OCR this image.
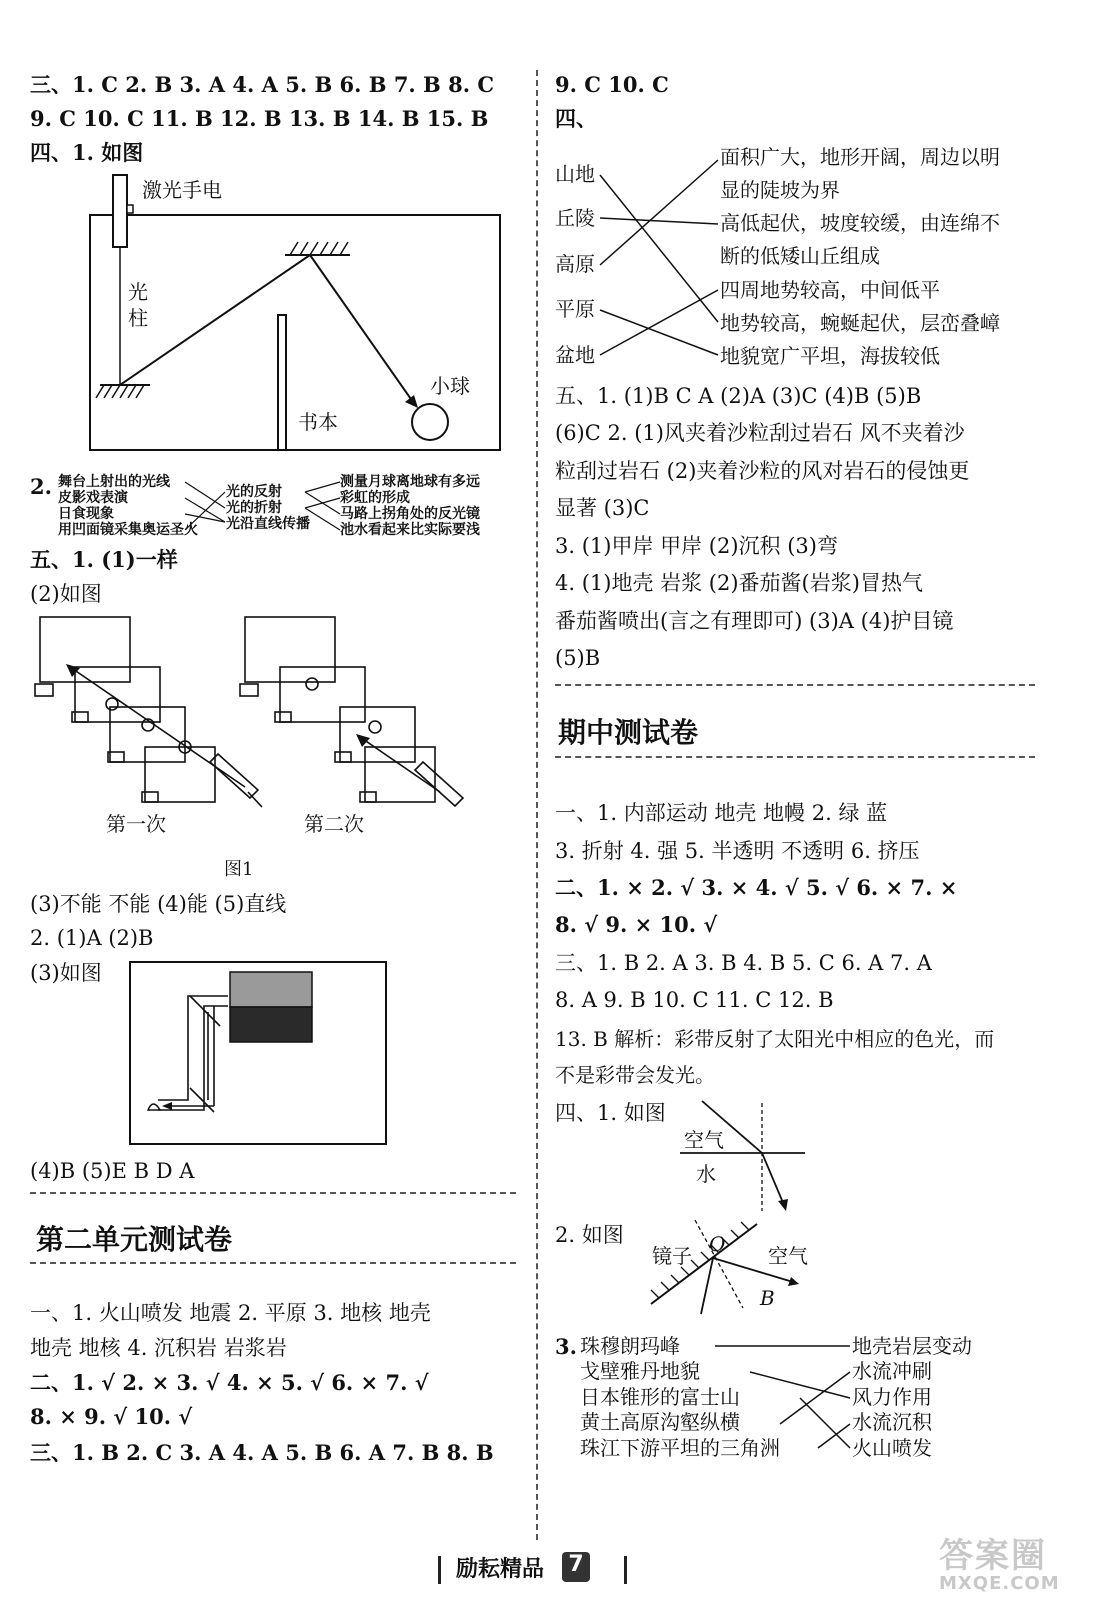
三、1. C 2. B 3. A 4. A 5. B 6. B 7. B 8. C
9. C 10. C 11. B 12. B 13. B 14. B 15. B
四、1. 如图
激光手电
光
柱
书本
小球
2. 舞台上射出的光线
皮影戏表演
日食现象
用凹面镜采集奥运圣火
光的反射
光的折射
光沿直线传播
测量月球离地球有多远
彩虹的形成
马路上拐角处的反光镜
池水看起来比实际要浅
五、1. (1)一样
(2)如图
第一次	第二次
图1
(3)不能 不能 (4)能 (5)直线
2. (1)A (2)B
(3)如图
(4)B (5)E B D A
第二单元测试卷
一、1. 火山喷发 地震 2. 平原 3. 地核 地壳
地壳 地核 4. 沉积岩 岩浆岩
二、1. √ 2. × 3. √ 4. × 5. √ 6. × 7. √
8. × 9. √ 10. √
三、1. B 2. C 3. A 4. A 5. B 6. A 7. B 8. B
9. C 10. C
四、
山地
丘陵
高原
平原
盆地
面积广大，地形开阔，周边以明
显的陡坡为界
高低起伏，坡度较缓，由连绵不
断的低矮山丘组成
四周地势较高，中间低平
地势较高，蜿蜒起伏，层峦叠嶂
地貌宽广平坦，海拔较低
五、1. (1)B C A (2)A (3)C (4)B (5)B
(6)C 2. (1)风夹着沙粒刮过岩石 风不夹着沙
粒刮过岩石 (2)夹着沙粒的风对岩石的侵蚀更
显著 (3)C
3. (1)甲岸 甲岸 (2)沉积 (3)弯
4. (1)地壳 岩浆 (2)番茄酱(岩浆)冒热气
番茄酱喷出(言之有理即可) (3)A (4)护目镜
(5)B
期中测试卷
一、1. 内部运动 地壳 地幔 2. 绿 蓝
3. 折射 4. 强 5. 半透明 不透明 6. 挤压
二、1. × 2. √ 3. × 4. √ 5. √ 6. × 7. ×
8. √ 9. × 10. √
三、1. B 2. A 3. B 4. B 5. C 6. A 7. A
8. A 9. B 10. C 11. C 12. B
13. B 解析：彩带反射了太阳光中相应的色光，而
不是彩带会发光。
四、1. 如图
空气
水
2. 如图
镜子 O 空气
B
3. 珠穆朗玛峰
戈壁雅丹地貌
日本锥形的富士山
黄土高原沟壑纵横
珠江下游平坦的三角洲
地壳岩层变动
水流冲刷
风力作用
水流沉积
火山喷发
励耘精品 7	答案圈
MXQE.COM
